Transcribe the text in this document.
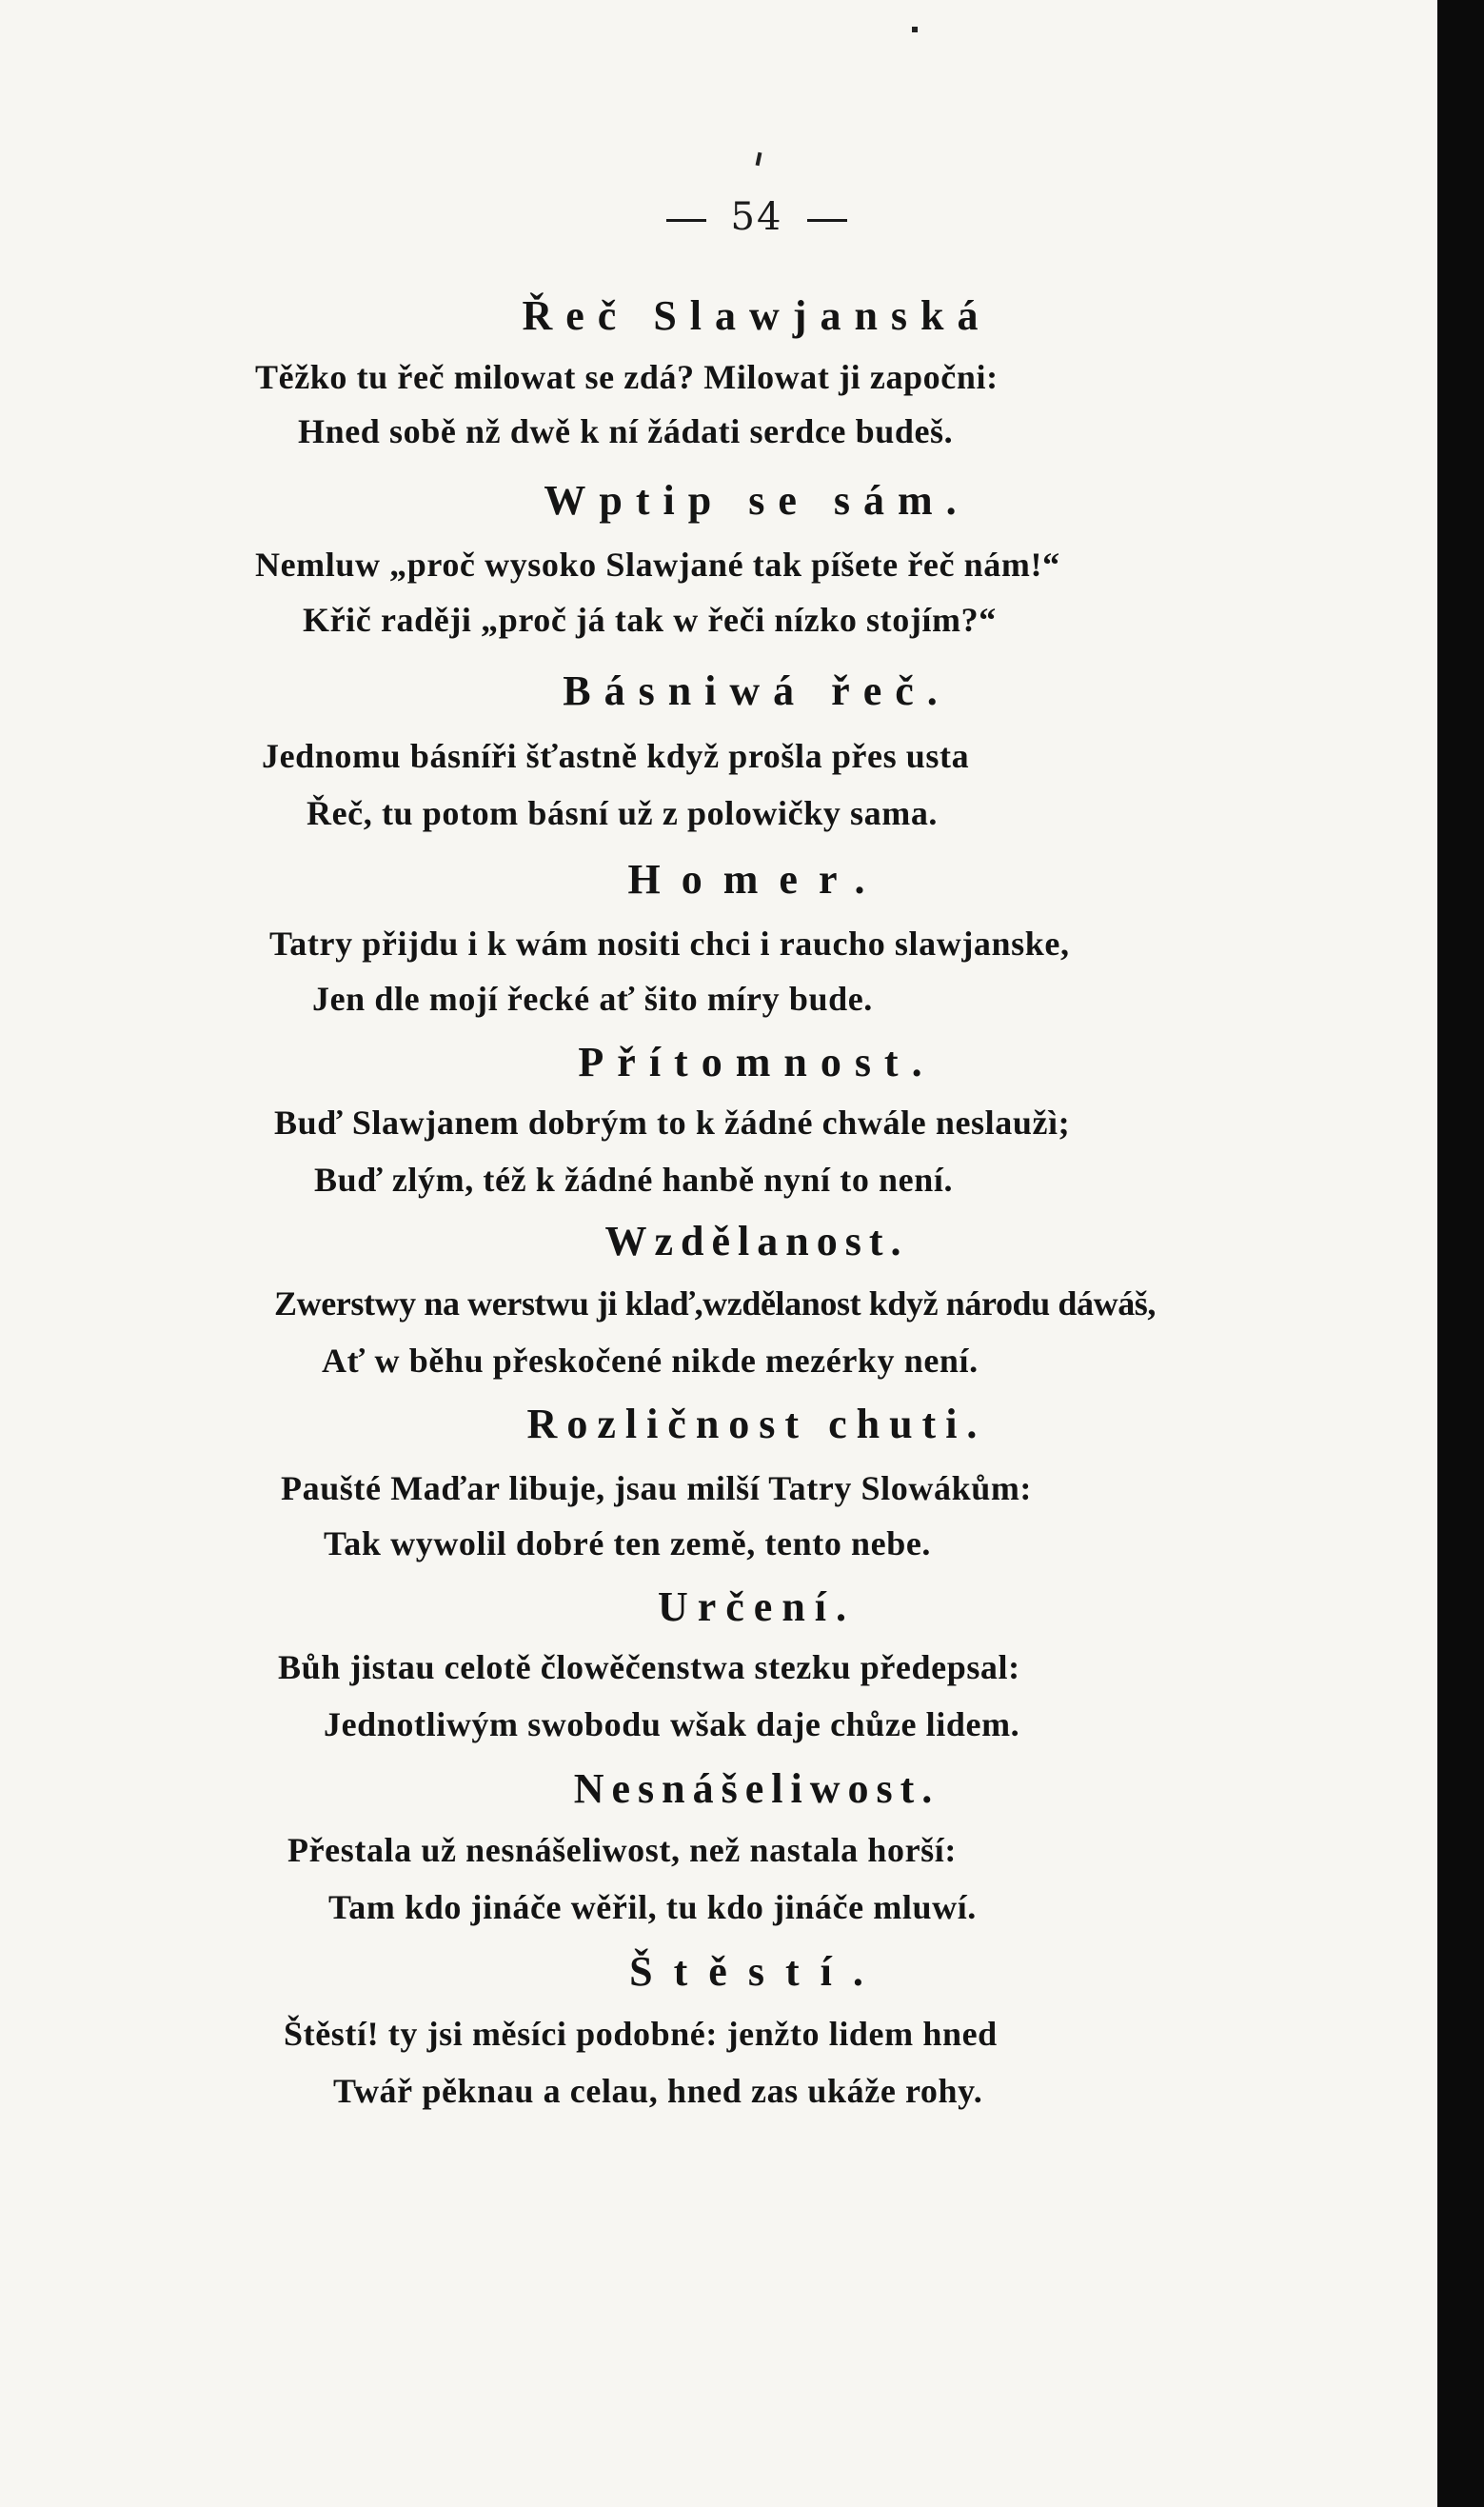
54
Řeč Slawjanská
Těžko tu řeč milowat se zdá? Milowat ji započni:
Hned sobě nž dwě k ní žádati serdce budeš.
Wptip se sám.
Nemluw „proč wysoko Slawjané tak píšete řeč nám!“
Křič raději „proč já tak w řeči nízko stojím?“
Básniwá řeč.
Jednomu básníři šťastně když prošla přes usta
Řeč, tu potom básní už z polowičky sama.
Homer.
Tatry přijdu i k wám nositi chci i raucho slawjanske,
Jen dle mojí řecké ať šito míry bude.
Přítomnost.
Buď Slawjanem dobrým to k žádné chwále neslaužì;
Buď zlým, též k žádné hanbě nyní to není.
Wzdělanost.
Zwerstwy na werstwu ji klaď,wzdělanost když národu dáwáš,
Ať w běhu přeskočené nikde mezérky není.
Rozličnost chuti.
Paušté Maďar libuje, jsau milší Tatry Slowákům:
Tak wywolil dobré ten země, tento nebe.
Určení.
Bůh jistau celotě člowěčenstwa stezku předepsal:
Jednotliwým swobodu wšak daje chůze lidem.
Nesnášeliwost.
Přestala už nesnášeliwost, než nastala horší:
Tam kdo jináče wěřil, tu kdo jináče mluwí.
Štěstí.
Štěstí! ty jsi měsíci podobné: jenžto lidem hned
Twář pěknau a celau, hned zas ukáže rohy.
